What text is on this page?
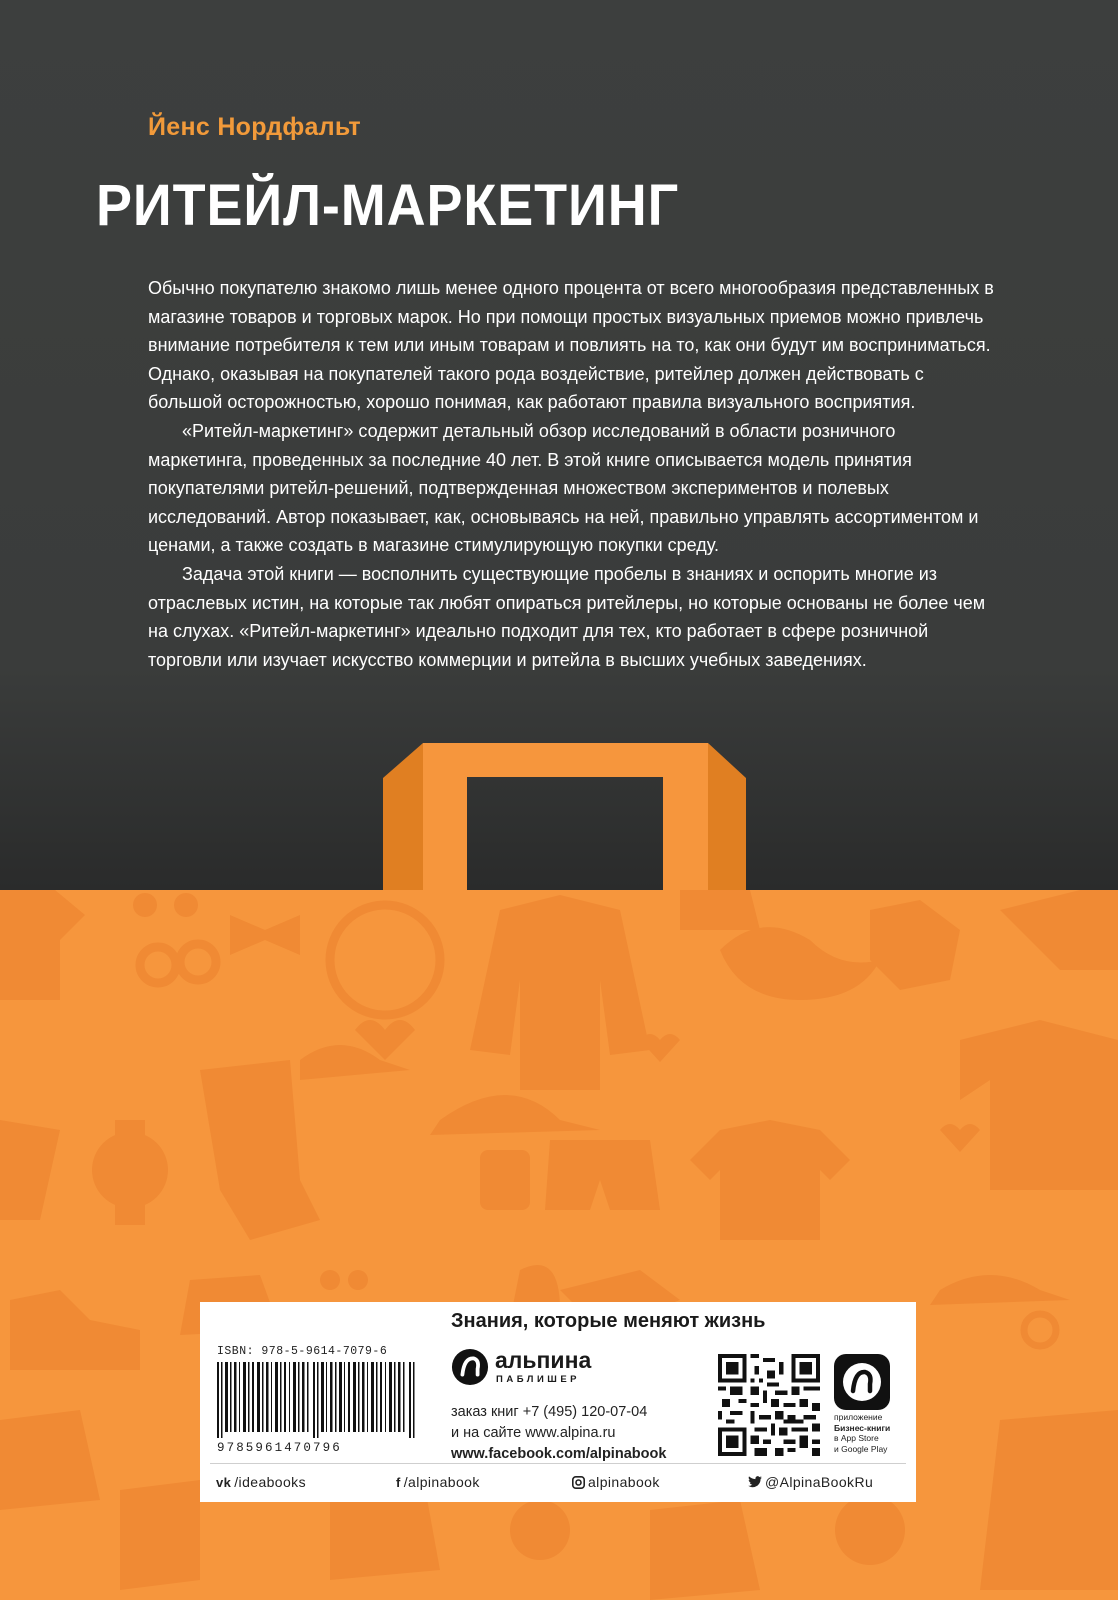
Йенс Нордфальт
РИТЕЙЛ-МАРКЕТИНГ

Обычно покупателю знакомо лишь менее одного процента от всего многообразия представленных в магазине товаров и торговых марок. Но при помощи простых визуальных приемов можно привлечь внимание потребителя к тем или иным товарам и повлиять на то, как они будут им восприниматься. Однако, оказывая на покупателей такого рода воздействие, ритейлер должен действовать с большой осторожностью, хорошо понимая, как работают правила визуального восприятия.

«Ритейл-маркетинг» содержит детальный обзор исследований в области розничного маркетинга, проведенных за последние 40 лет. В этой книге описывается модель принятия покупателями ритейл-решений, подтвержденная множеством экспериментов и полевых исследований. Автор показывает, как, основываясь на ней, правильно управлять ассортиментом и ценами, а также создать в магазине стимулирующую покупки среду.

Задача этой книги — восполнить существующие пробелы в знаниях и оспорить многие из отраслевых истин, на которые так любят опираться ритейлеры, но которые основаны не более чем на слухах. «Ритейл-маркетинг» идеально подходит для тех, кто работает в сфере розничной торговли или изучает искусство коммерции и ритейла в высших учебных заведениях.

Знания, которые меняют жизнь
ISBN: 978-5-9614-7079-6
9785961470796
альпина
ПАБЛИШЕР
заказ книг +7 (495) 120-07-04
и на сайте www.alpina.ru
www.facebook.com/alpinabook
приложение
Бизнес-книги
в App Store
и Google Play
vk /ideabooks	f /alpinabook	alpinabook	@AlpinaBookRu
